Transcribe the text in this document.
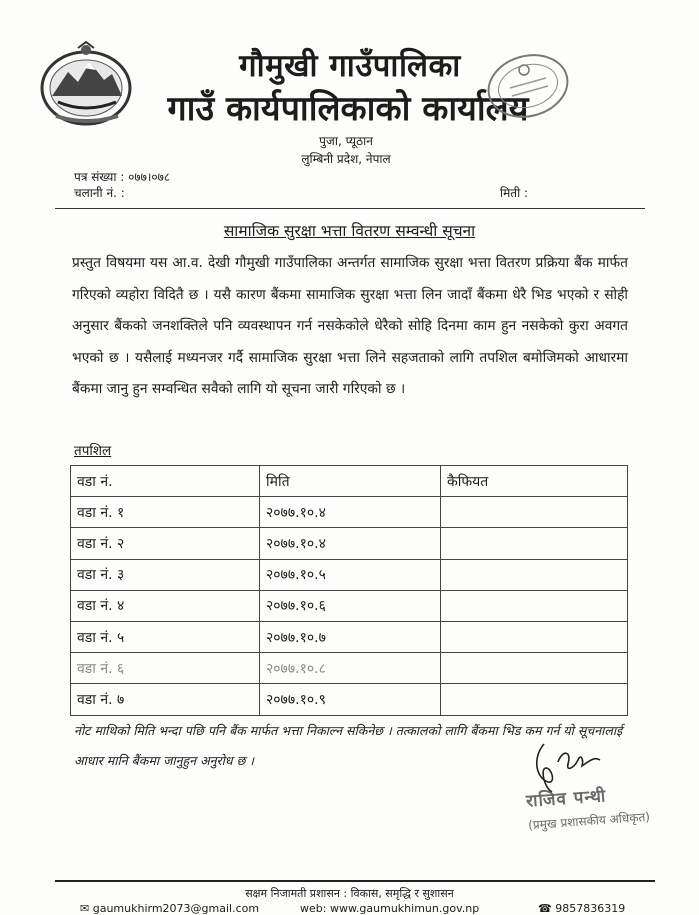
गौमुखी गाउँपालिका
गाउँ कार्यपालिकाको कार्यालय
पुजा, प्यूठान
लुम्बिनी प्रदेश, नेपाल
पत्र संख्या : ०७७।०७८
चलानी नं. :	मिती :
सामाजिक सुरक्षा भत्ता वितरण सम्वन्धी सूचना
प्रस्तुत विषयमा यस आ.व. देखी गौमुखी गाउँपालिका अन्तर्गत सामाजिक सुरक्षा भत्ता वितरण प्रक्रिया बैंक मार्फत गरिएको व्यहोरा विदितै छ । यसै कारण बैंकमा सामाजिक सुरक्षा भत्ता लिन जादाँ बैंकमा धेरै भिड भएको र सोही अनुसार बैंकको जनशक्तिले पनि व्यवस्थापन गर्न नसकेकोले धेरैको सोहि दिनमा काम हुन नसकेको कुरा अवगत भएको छ । यसैलाई मध्यनजर गर्दै सामाजिक सुरक्षा भत्ता लिने सहजताको लागि तपशिल बमोजिमको आधारमा बैंकमा जानु हुन सम्वन्धित सवैको लागि यो सूचना जारी गरिएको छ ।
तपशिल
वडा नं.	मिति	कैफियत
वडा नं. १	२०७७.१०.४	
वडा नं. २	२०७७.१०.४	
वडा नं. ३	२०७७.१०.५	
वडा नं. ४	२०७७.१०.६	
वडा नं. ५	२०७७.१०.७	
वडा नं. ६	२०७७.१०.८	
वडा नं. ७	२०७७.१०.९	
नोट माथिको मिति भन्दा पछि पनि बैंक मार्फत भत्ता निकाल्न सकिनेछ । तत्कालको लागि बैंकमा भिड कम गर्न यो सूचनालाई आधार मानि बैंकमा जानुहुन अनुरोध छ ।
राजिव पन्थी
(प्रमुख प्रशासकीय अधिकृत)
सक्षम निजामती प्रशासन : विकास, समृद्धि र सुशासन
✉ gaumukhirm2073@gmail.com	web: www.gaumukhimun.gov.np	☎ 9857836319
